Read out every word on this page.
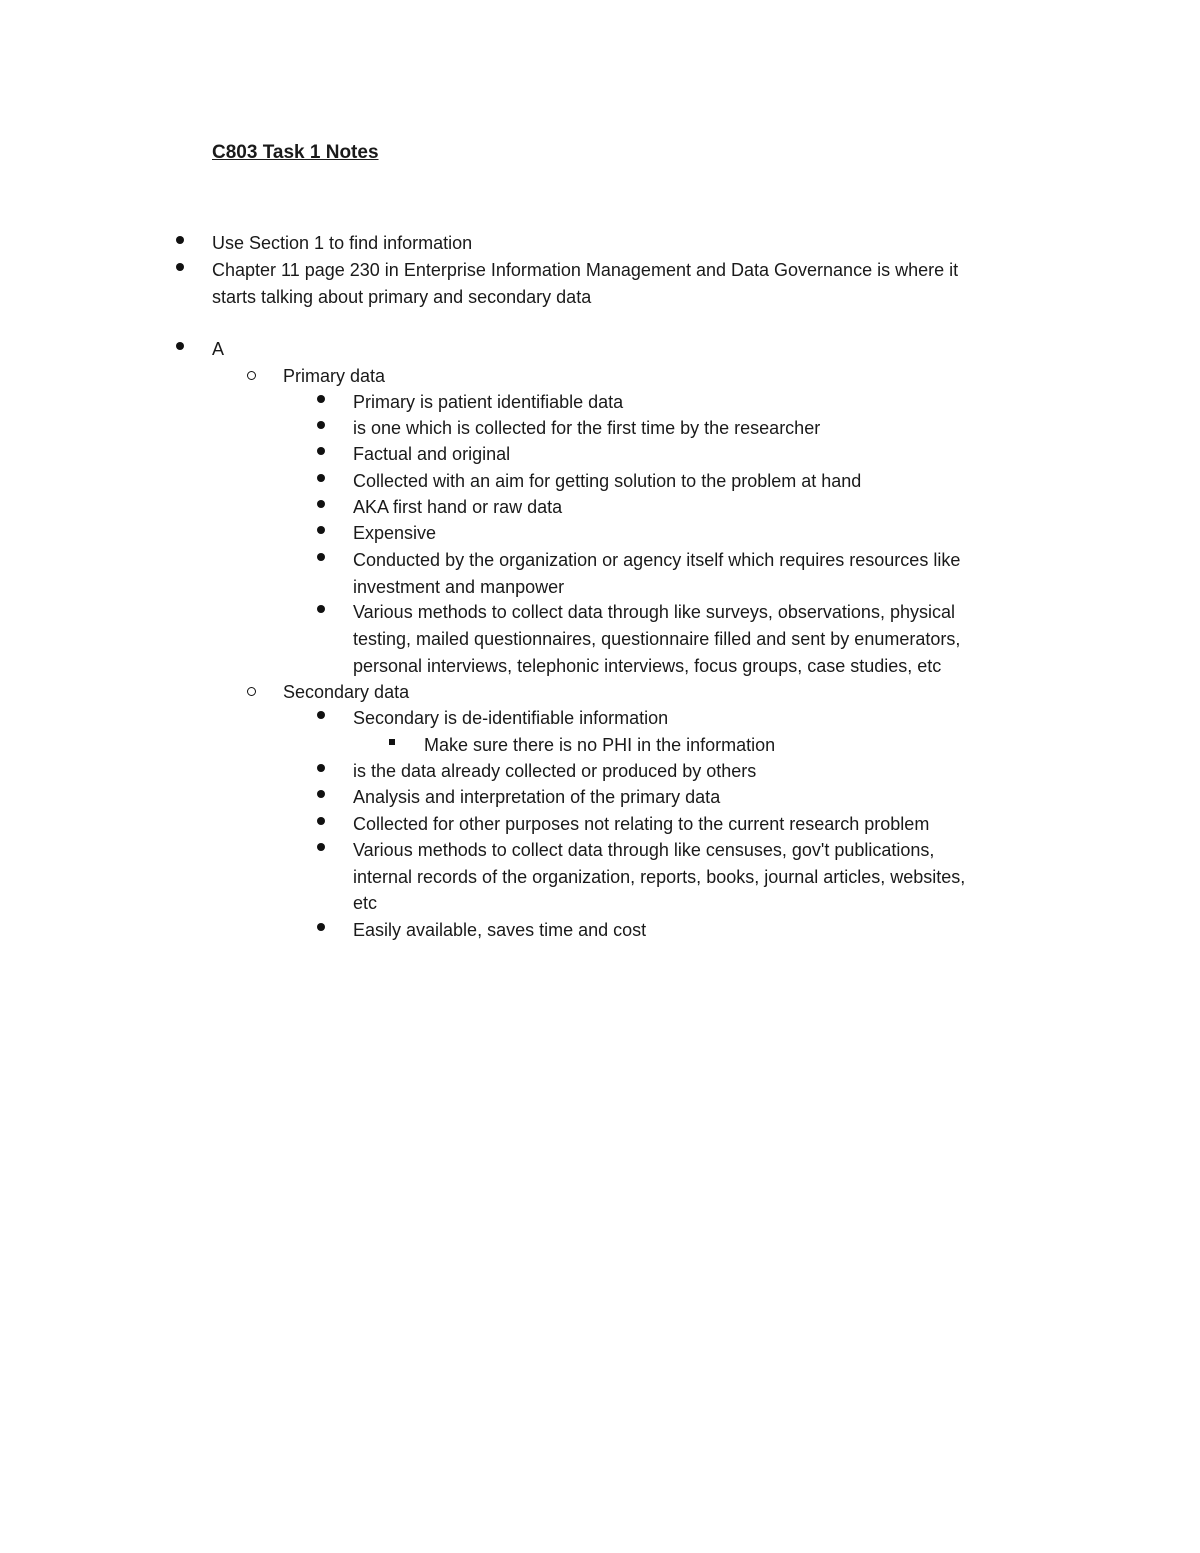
C803 Task 1 Notes
Use Section 1 to find information
Chapter 11 page 230 in Enterprise Information Management and Data Governance is where it
starts talking about primary and secondary data
A
Primary data
Primary is patient identifiable data
is one which is collected for the first time by the researcher
Factual and original
Collected with an aim for getting solution to the problem at hand
AKA first hand or raw data
Expensive
Conducted by the organization or agency itself which requires resources like
investment and manpower
Various methods to collect data through like surveys, observations, physical
testing, mailed questionnaires, questionnaire filled and sent by enumerators,
personal interviews, telephonic interviews, focus groups, case studies, etc
Secondary data
Secondary is de-identifiable information
Make sure there is no PHI in the information
is the data already collected or produced by others
Analysis and interpretation of the primary data
Collected for other purposes not relating to the current research problem
Various methods to collect data through like censuses, gov't publications,
internal records of the organization, reports, books, journal articles, websites,
etc
Easily available, saves time and cost
